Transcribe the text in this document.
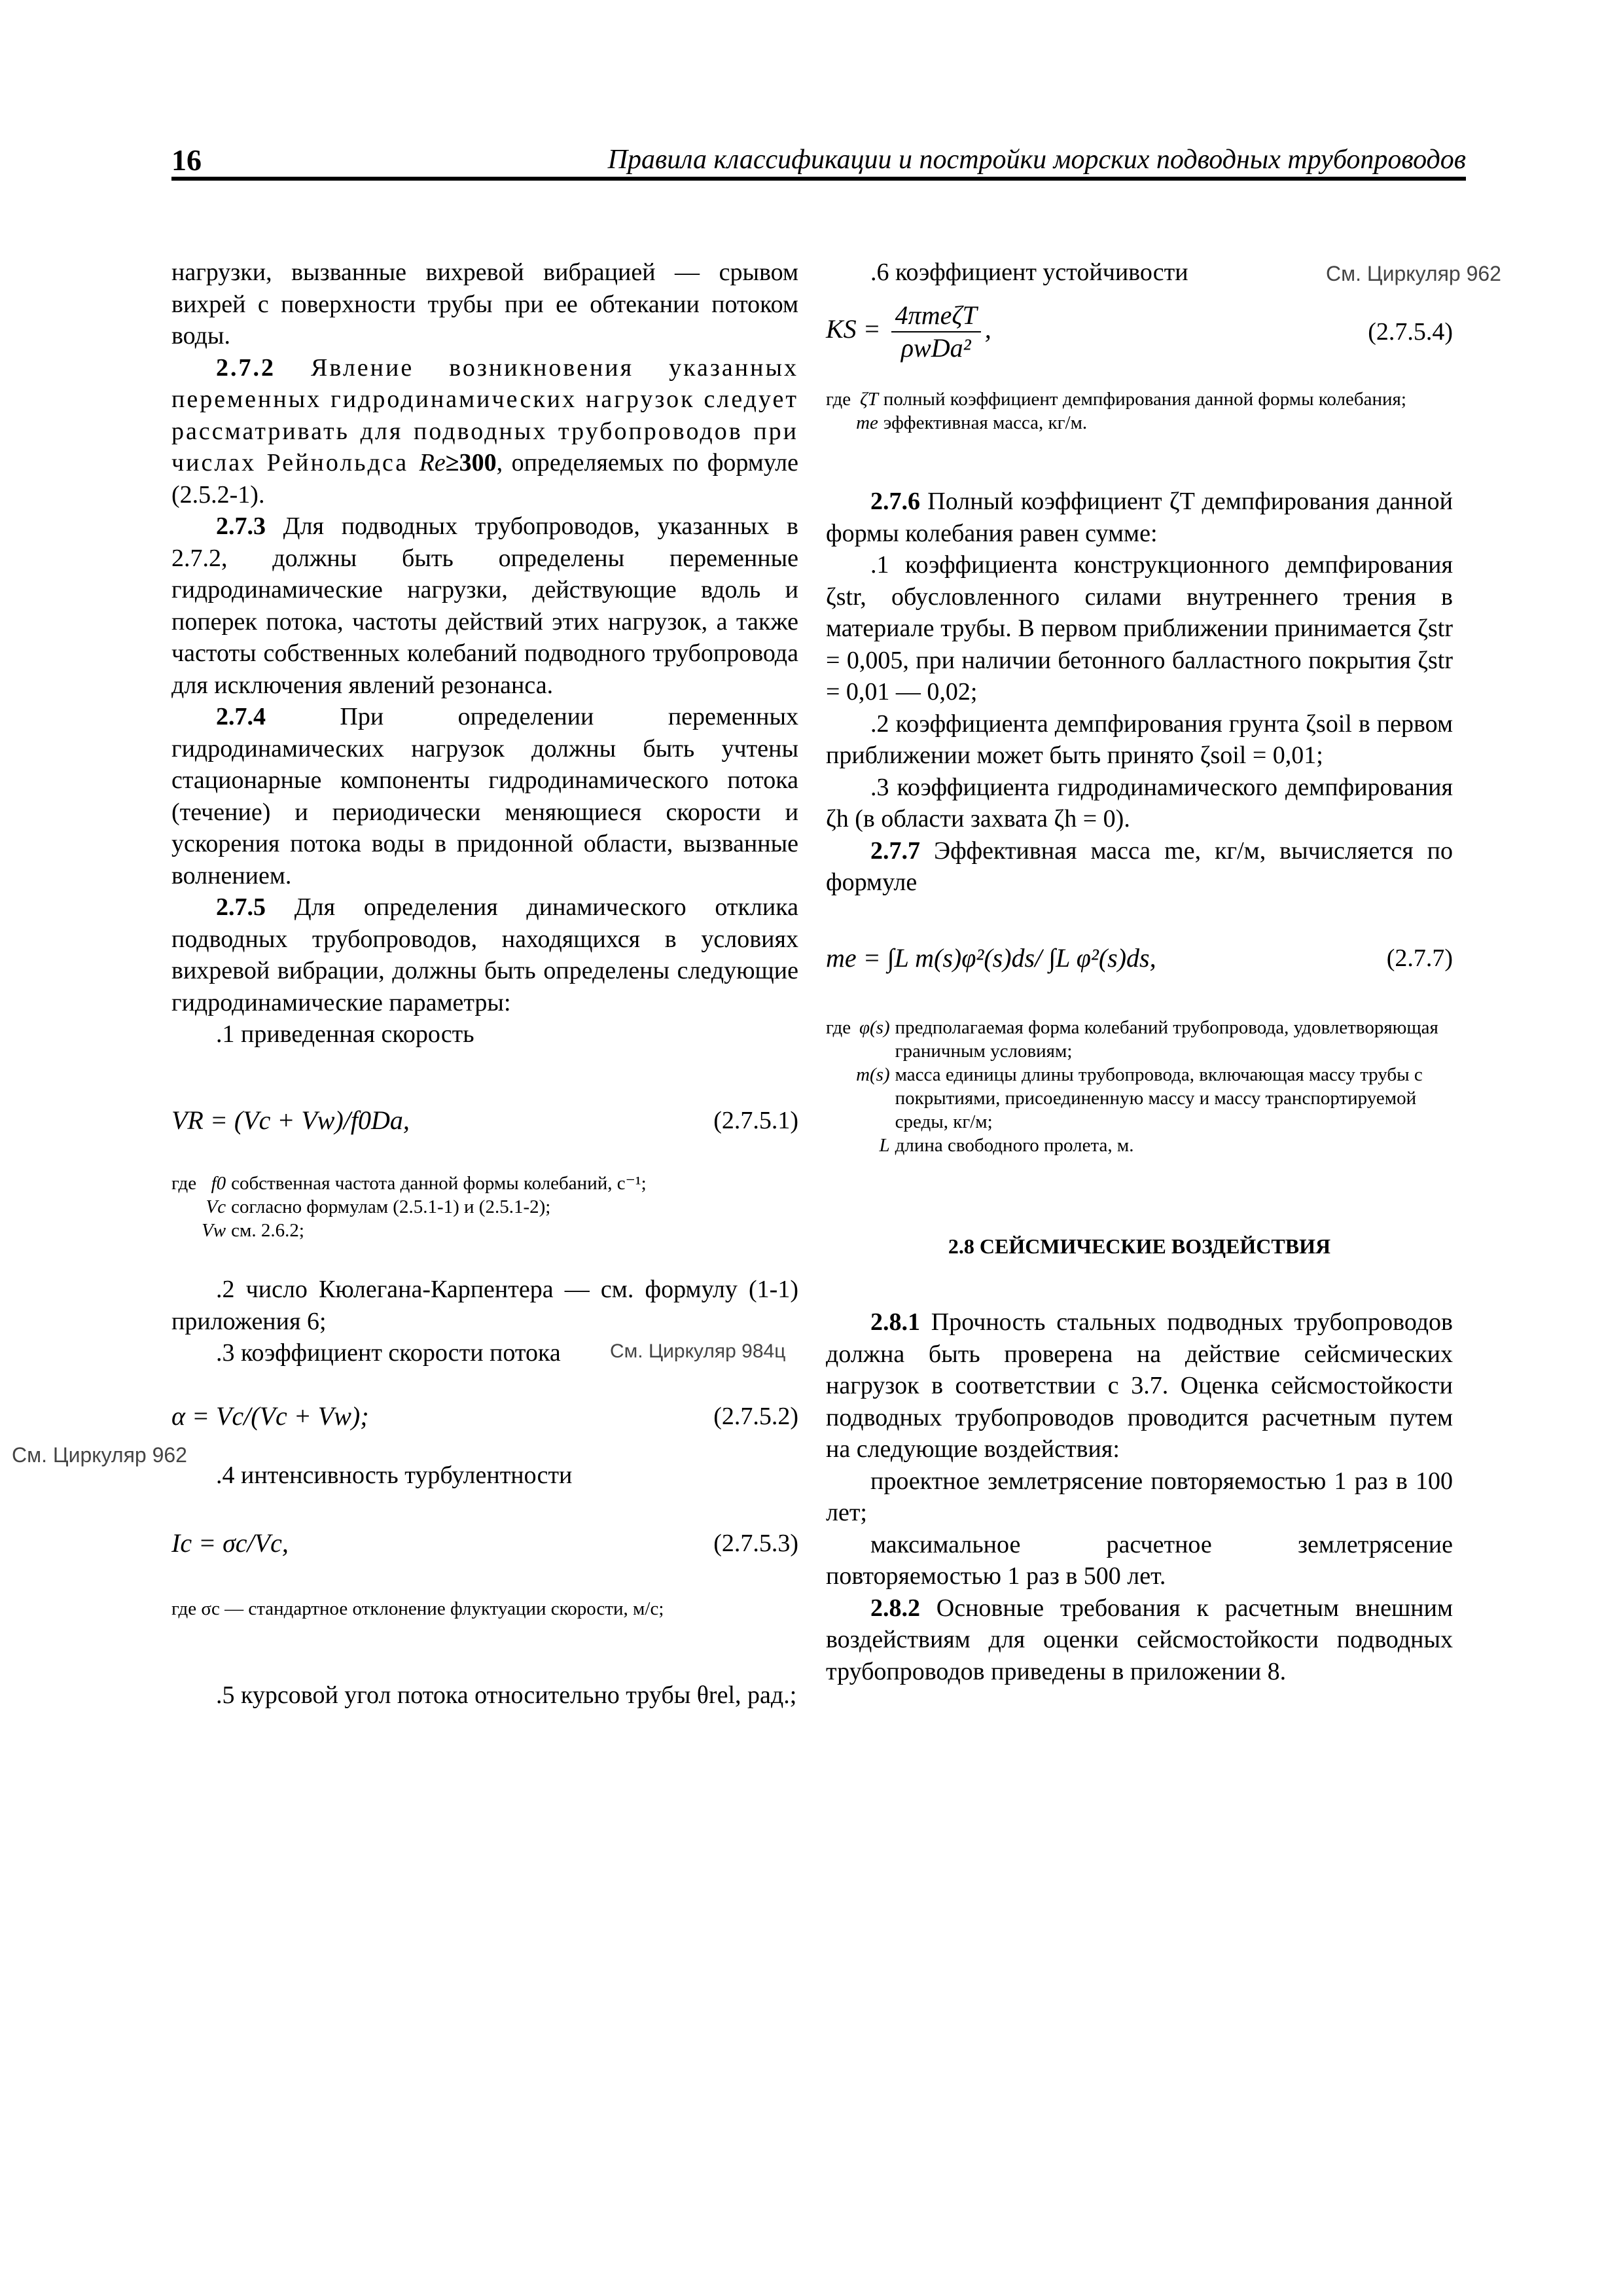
16	Правила классификации и постройки морских подводных трубопроводов
См. Циркуляр 962
См. Циркуляр 984ц
См. Циркуляр 962

нагрузки, вызванные вихревой вибрацией — срывом вихрей с поверхности трубы при ее обтекании потоком воды.

2.7.2 Явление возникновения указанных переменных гидродинамических нагрузок следует рассматривать для подводных трубопроводов при числах Рейнольдса Re≥300, определяемых по формуле (2.5.2-1).

2.7.3 Для подводных трубопроводов, указанных в 2.7.2, должны быть определены переменные гидродинамические нагрузки, действующие вдоль и поперек потока, частоты действий этих нагрузок, а также частоты собственных колебаний подводного трубопровода для исключения явлений резонанса.

2.7.4 При определении переменных гидродинамических нагрузок должны быть учтены стационарные компоненты гидродинамического потока (течение) и периодически меняющиеся скорости и ускорения потока воды в придонной области, вызванные волнением.

2.7.5 Для определения динамического отклика подводных трубопроводов, находящихся в условиях вихревой вибрации, должны быть определены следующие гидродинамические параметры:

.1 приведенная скорость

VR = (Vc + Vw)/f0Da,	(2.7.5.1)
где f0 собственная частота данной формы колебаний, с⁻¹;
Vc согласно формулам (2.5.1-1) и (2.5.1-2);
Vw см. 2.6.2;

.2 число Кюлегана-Карпентера — см. формулу (1-1) приложения 6;

.3 коэффициент скорости потока

α = Vc/(Vc + Vw);	(2.7.5.2)

.4 интенсивность турбулентности

Ic = σc/Vc,	(2.7.5.3)
где σc — стандартное отклонение флуктуации скорости, м/с;

.5 курсовой угол потока относительно трубы θrel, рад.;

.6 коэффициент устойчивости

KS = $\frac{\text{4πmeζT}}{\text{ρwDa²}}$ ,	(2.7.5.4)
где ζT полный коэффициент демпфирования данной формы колебания;
me эффективная масса, кг/м.

2.7.6 Полный коэффициент ζT демпфирования данной формы колебания равен сумме:

.1 коэффициента конструкционного демпфирования ζstr, обусловленного силами внутреннего трения в материале трубы. В первом приближении принимается ζstr = 0,005, при наличии бетонного балластного покрытия ζstr = 0,01 — 0,02;

.2 коэффициента демпфирования грунта ζsoil в первом приближении может быть принято ζsoil = 0,01;

.3 коэффициента гидродинамического демпфирования ζh (в области захвата ζh = 0).

2.7.7 Эффективная масса me, кг/м, вычисляется по формуле

me = ∫L m(s)φ²(s)ds/ ∫L φ²(s)ds,	(2.7.7)
где φ(s) предполагаемая форма колебаний трубопровода, удовлетворяющая граничным условиям;
m(s) масса единицы длины трубопровода, включающая массу трубы с покрытиями, присоединенную массу и массу транспортируемой среды, кг/м;
L длина свободного пролета, м.
2.8 СЕЙСМИЧЕСКИЕ ВОЗДЕЙСТВИЯ

2.8.1 Прочность стальных подводных трубопроводов должна быть проверена на действие сейсмических нагрузок в соответствии с 3.7. Оценка сейсмостойкости подводных трубопроводов проводится расчетным путем на следующие воздействия:

проектное землетрясение повторяемостью 1 раз в 100 лет;

максимальное расчетное землетрясение повторяемостью 1 раз в 500 лет.

2.8.2 Основные требования к расчетным внешним воздействиям для оценки сейсмостойкости подводных трубопроводов приведены в приложении 8.
